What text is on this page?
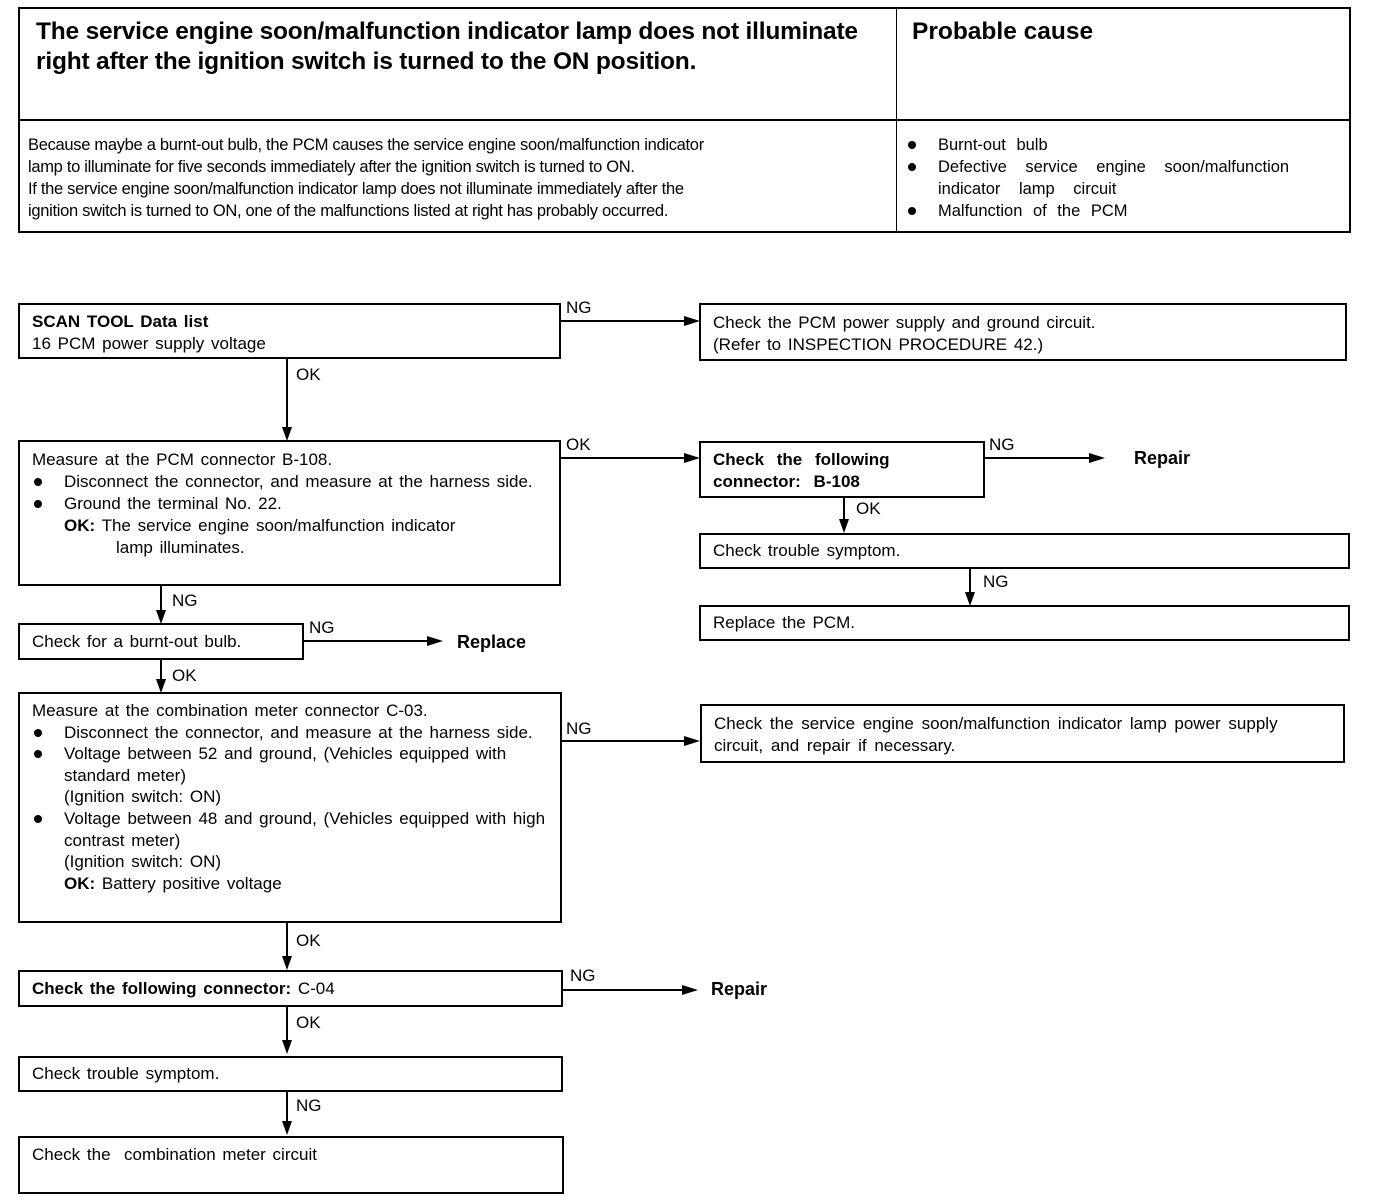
The service engine soon/malfunction indicator lamp does not illuminate right after the ignition switch is turned to the ON position.
Probable cause
Because maybe a burnt-out bulb, the PCM causes the service engine soon/malfunction indicator
lamp to illuminate for five seconds immediately after the ignition switch is turned to ON.
If the service engine soon/malfunction indicator lamp does not illuminate immediately after the
ignition switch is turned to ON, one of the malfunctions listed at right has probably occurred.
Burnt-out bulb
Defective service engine soon/malfunction indicator lamp circuit
Malfunction of the PCM
SCAN TOOL Data list
16 PCM power supply voltage
NG
Check the PCM power supply and ground circuit.
(Refer to INSPECTION PROCEDURE 42.)
OK
Measure at the PCM connector B-108.
Disconnect the connector, and measure at the harness side.
Ground the terminal No. 22.
OK: The service engine soon/malfunction indicator
lamp illuminates.
OK
Check the following connector: B-108
NG
Repair
OK
Check trouble symptom.
NG
Replace the PCM.
NG
Check for a burnt-out bulb.
NG
Replace
OK
Measure at the combination meter connector C-03.
Disconnect the connector, and measure at the harness side.
Voltage between 52 and ground, (Vehicles equipped with standard meter)
(Ignition switch: ON)
Voltage between 48 and ground, (Vehicles equipped with high contrast meter)
(Ignition switch: ON)
OK: Battery positive voltage
NG	Check the service engine soon/malfunction indicator lamp power supply circuit, and repair if necessary.
OK
Check the following connector: C-04
NG
Repair
OK
Check trouble symptom.
NG
Check the  combination meter circuit
